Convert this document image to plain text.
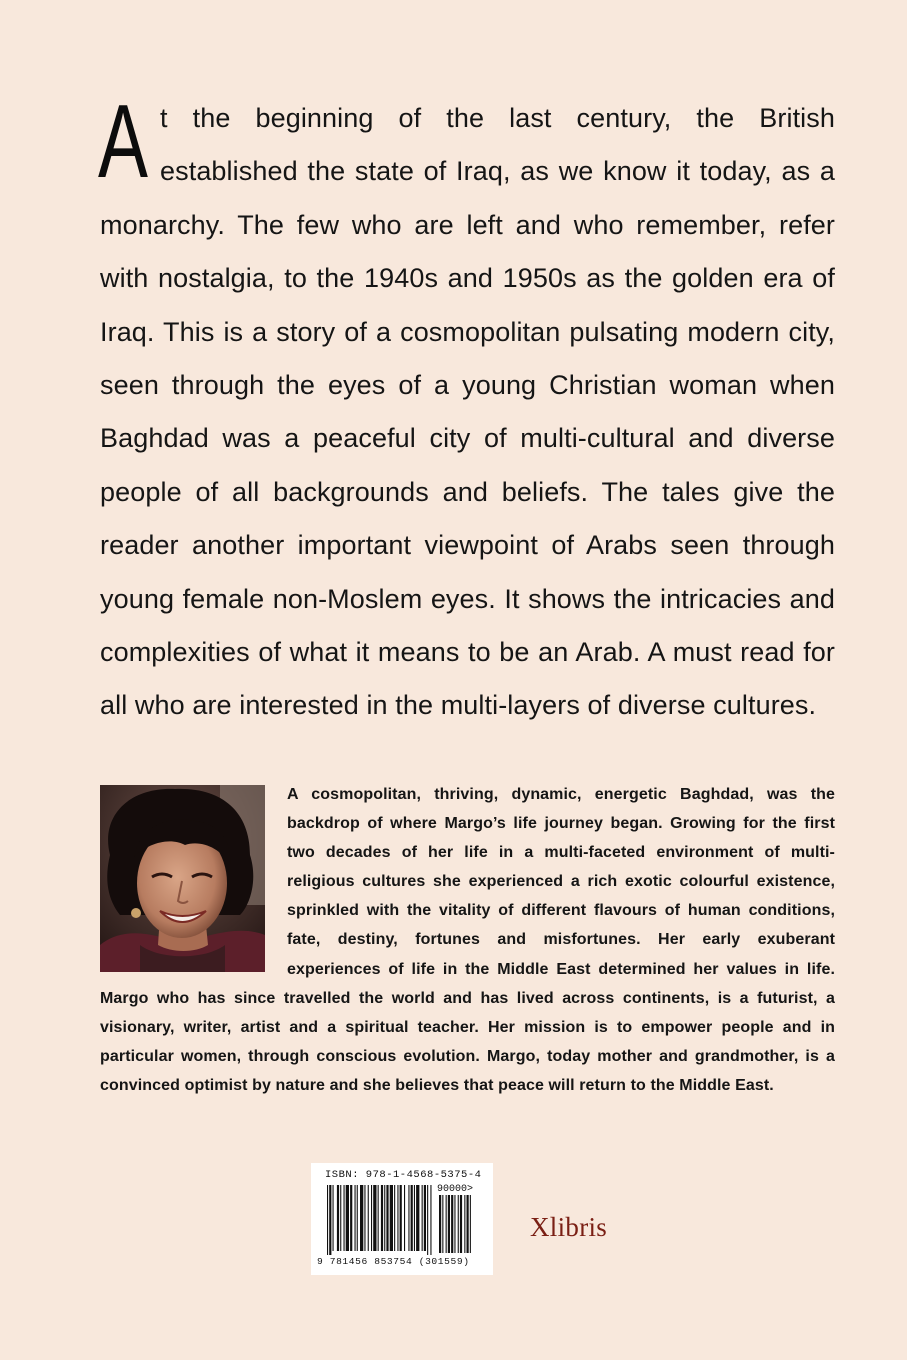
At the beginning of the last century, the British established the state of Iraq, as we know it today, as a monarchy. The few who are left and who remember, refer with nostalgia, to the 1940s and 1950s as the golden era of Iraq. This is a story of a cosmopolitan pulsating modern city, seen through the eyes of a young Christian woman when Baghdad was a peaceful city of multi-cultural and diverse people of all backgrounds and beliefs. The tales give the reader another important viewpoint of Arabs seen through young female non-Moslem eyes. It shows the intricacies and complexities of what it means to be an Arab. A must read for all who are interested in the multi-layers of diverse cultures.

A cosmopolitan, thriving, dynamic, energetic Baghdad, was the backdrop of where Margo’s life journey began. Growing for the first two decades of her life in a multi-faceted environment of multi-religious cultures she experienced a rich exotic colourful existence, sprinkled with the vitality of different flavours of human conditions, fate, destiny, fortunes and misfortunes. Her early exuberant experiences of life in the Middle East determined her values in life. Margo who has since travelled the world and has lived across continents, is a futurist, a visionary, writer, artist and a spiritual teacher. Her mission is to empower people and in particular women, through conscious evolution. Margo, today mother and grandmother, is a convinced optimist by nature and she believes that peace will return to the Middle East.

ISBN: 978-1-4568-5375-4
90000>
9 781456 853754 (301559)
Xlibris
